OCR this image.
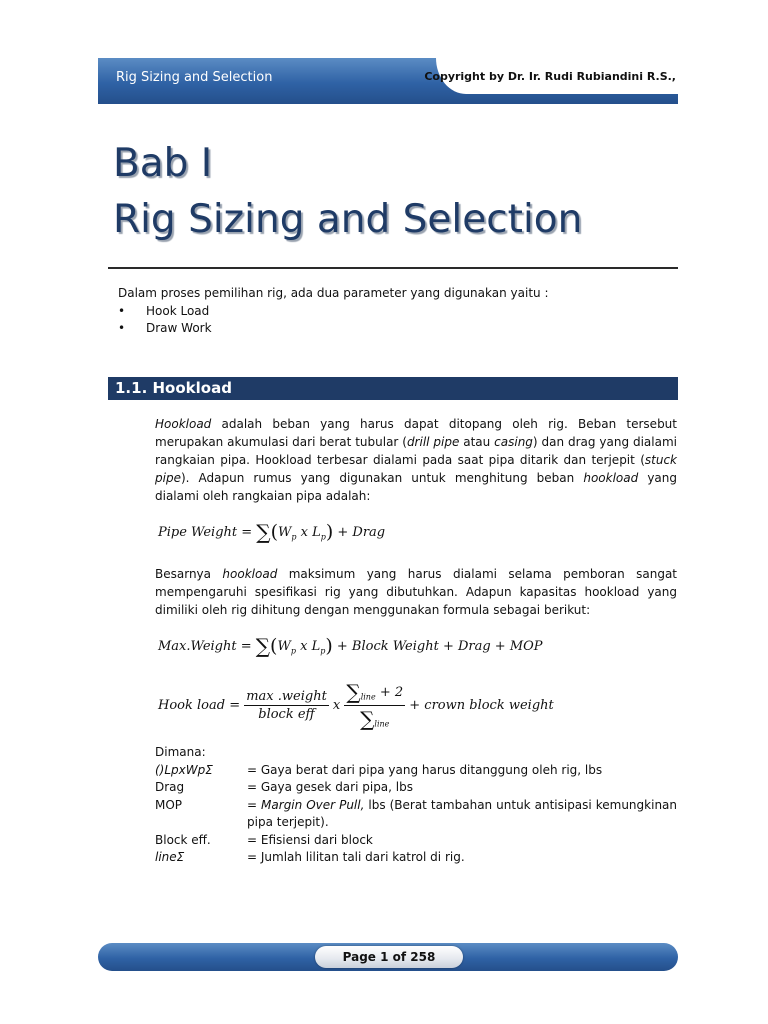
Rig Sizing and Selection	Copyright by Dr. Ir. Rudi Rubiandini R.S.,
Bab I
Rig Sizing and Selection
Dalam proses pemilihan rig, ada dua parameter yang digunakan yaitu :
• Hook Load
• Draw Work
1.1. Hookload
Hookload adalah beban yang harus dapat ditopang oleh rig. Beban tersebut merupakan akumulasi dari berat tubular (drill pipe atau casing) dan drag yang dialami rangkaian pipa. Hookload terbesar dialami pada saat pipa ditarik dan terjepit (stuck pipe). Adapun rumus yang digunakan untuk menghitung beban hookload yang dialami oleh rangkaian pipa adalah:
Pipe Weight = $\sum(W_p$ x $L_p$) + Drag
Besarnya hookload maksimum yang harus dialami selama pemboran sangat mempengaruhi spesifikasi rig yang dibutuhkan. Adapun kapasitas hookload yang dimiliki oleh rig dihitung dengan menggunakan formula sebagai berikut:
Max.Weight = $\sum(W_p$ x $L_p$) + Block Weight + Drag + MOP
Hook load = $\frac{\text{max .weight}}{\text{block eff}}$ x $\frac{\sum_{line} + 2}{\sum_{line}}$ + crown block weight
Dimana:
()LpxWpΣ	= Gaya berat dari pipa yang harus ditanggung oleh rig, lbs
Drag	= Gaya gesek dari pipa, lbs
MOP	= Margin Over Pull, lbs (Berat tambahan untuk antisipasi kemungkinan pipa terjepit).
Block eff.	= Efisiensi dari block
lineΣ	= Jumlah lilitan tali dari katrol di rig.
Page 1 of 258
